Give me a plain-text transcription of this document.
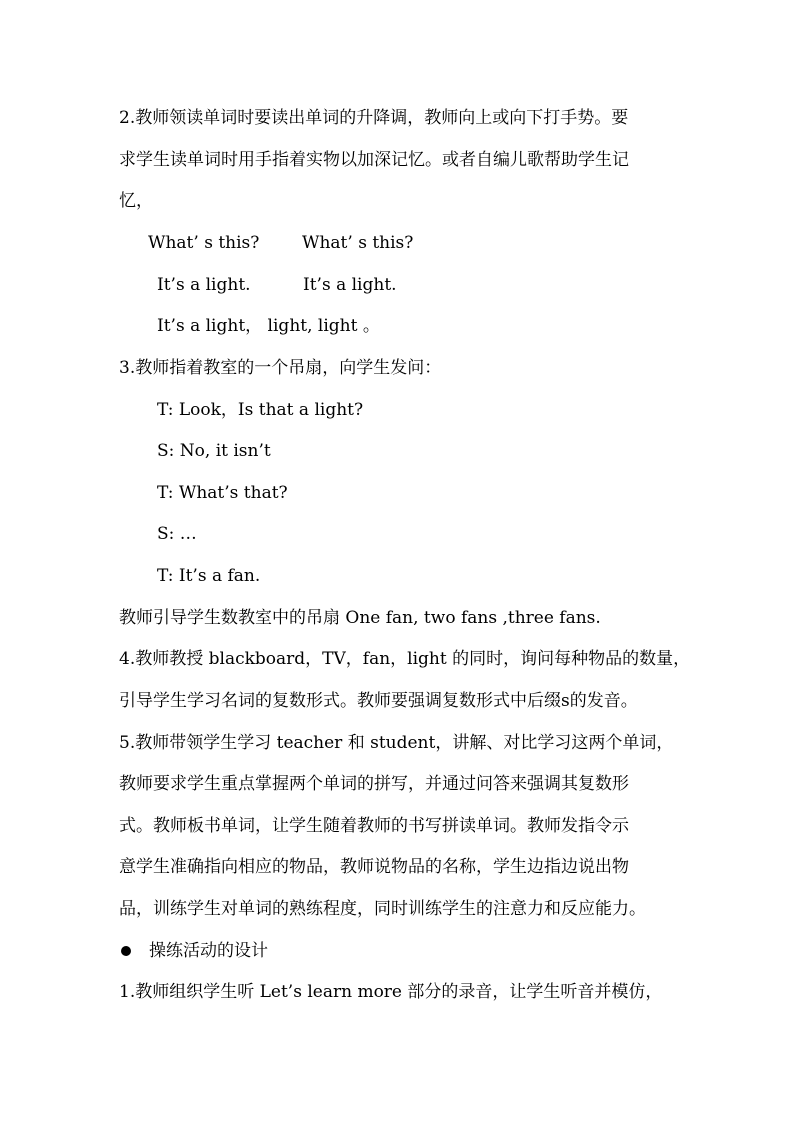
2.教师领读单词时要读出单词的升降调，教师向上或向下打手势。要
求学生读单词时用手指着实物以加深记忆。或者自编儿歌帮助学生记
忆，
What’ s this?	What’ s this?
It’s a light.	It’s a light.
It’s a light， light, light 。
3.教师指着教室的一个吊扇，向学生发问：
T: Look，Is that a light?
S: No, it isn’t
T: What’s that?
S: …
T: It’s a fan.
教师引导学生数教室中的吊扇 One fan, two fans ,three fans.
4.教师教授 blackboard，TV，fan，light 的同时，询问每种物品的数量，
引导学生学习名词的复数形式。教师要强调复数形式中后缀s的发音。
5.教师带领学生学习 teacher 和 student，讲解、对比学习这两个单词，
教师要求学生重点掌握两个单词的拼写，并通过问答来强调其复数形
式。教师板书单词，让学生随着教师的书写拼读单词。教师发指令示
意学生准确指向相应的物品，教师说物品的名称，学生边指边说出物
品，训练学生对单词的熟练程度，同时训练学生的注意力和反应能力。
操练活动的设计
1.教师组织学生听 Let’s learn more 部分的录音，让学生听音并模仿，
